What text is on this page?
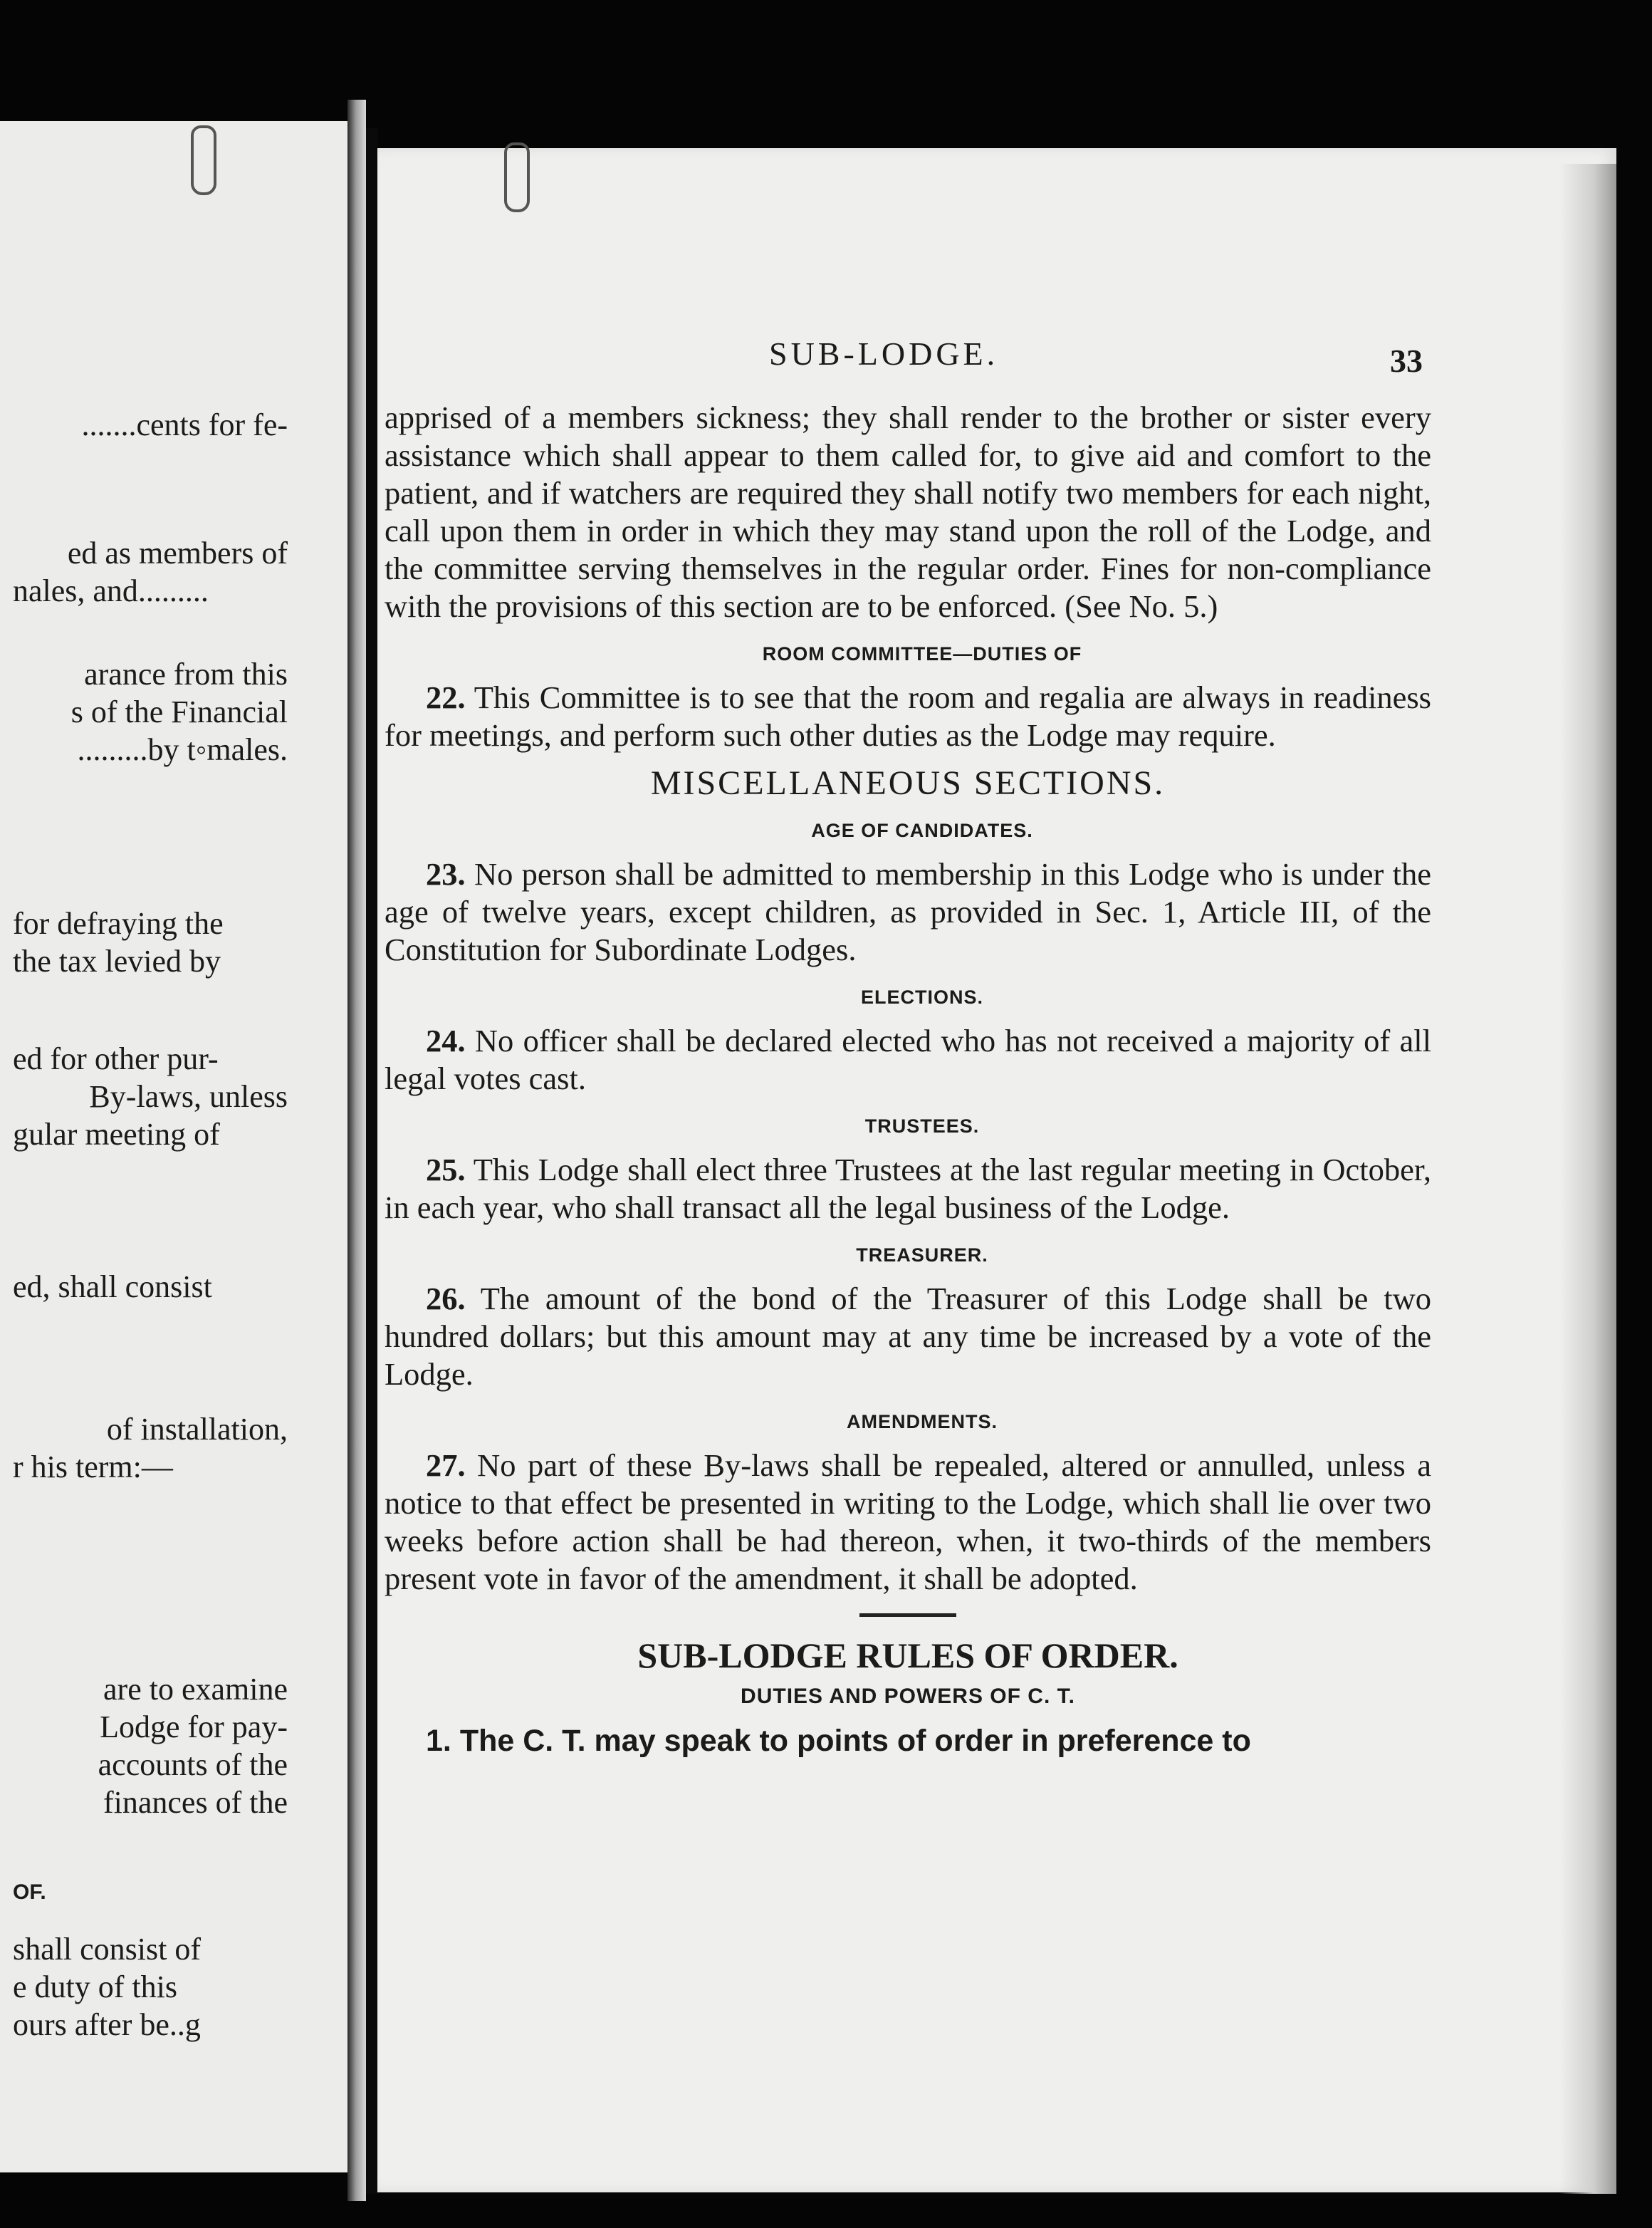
.......cents for fe-

ed as members of

nales, and.........

arance from this

s of the Financial

.........by t◦males.

for defraying the

the tax levied by

ed for other pur-

By-laws, unless

gular meeting of

ed, shall consist

of installation,

r his term:—

are to examine

Lodge for pay-

accounts of the

finances of the

OF.

shall consist of

e duty of this

ours after be..g

SUB-LODGE.	33

apprised of a members sickness; they shall render to the brother or sister every assistance which shall appear to them called for, to give aid and comfort to the patient, and if watchers are required they shall notify two members for each night, call upon them in order in which they may stand upon the roll of the Lodge, and the committee serving themselves in the regular order. Fines for non-compliance with the provisions of this section are to be enforced. (See No. 5.)

ROOM COMMITTEE—DUTIES OF

22. This Committee is to see that the room and regalia are always in readiness for meetings, and perform such other duties as the Lodge may require.

MISCELLANEOUS SECTIONS.
AGE OF CANDIDATES.

23. No person shall be admitted to membership in this Lodge who is under the age of twelve years, except children, as provided in Sec. 1, Article III, of the Constitution for Subordinate Lodges.

ELECTIONS.

24. No officer shall be declared elected who has not received a majority of all legal votes cast.

TRUSTEES.

25. This Lodge shall elect three Trustees at the last regular meeting in October, in each year, who shall transact all the legal business of the Lodge.

TREASURER.

26. The amount of the bond of the Treasurer of this Lodge shall be two hundred dollars; but this amount may at any time be increased by a vote of the Lodge.

AMENDMENTS.

27. No part of these By-laws shall be repealed, altered or annulled, unless a notice to that effect be presented in writing to the Lodge, which shall lie over two weeks before action shall be had thereon, when, it two-thirds of the members present vote in favor of the amendment, it shall be adopted.

SUB-LODGE RULES OF ORDER.
DUTIES AND POWERS OF C. T.

1. The C. T. may speak to points of order in preference to
